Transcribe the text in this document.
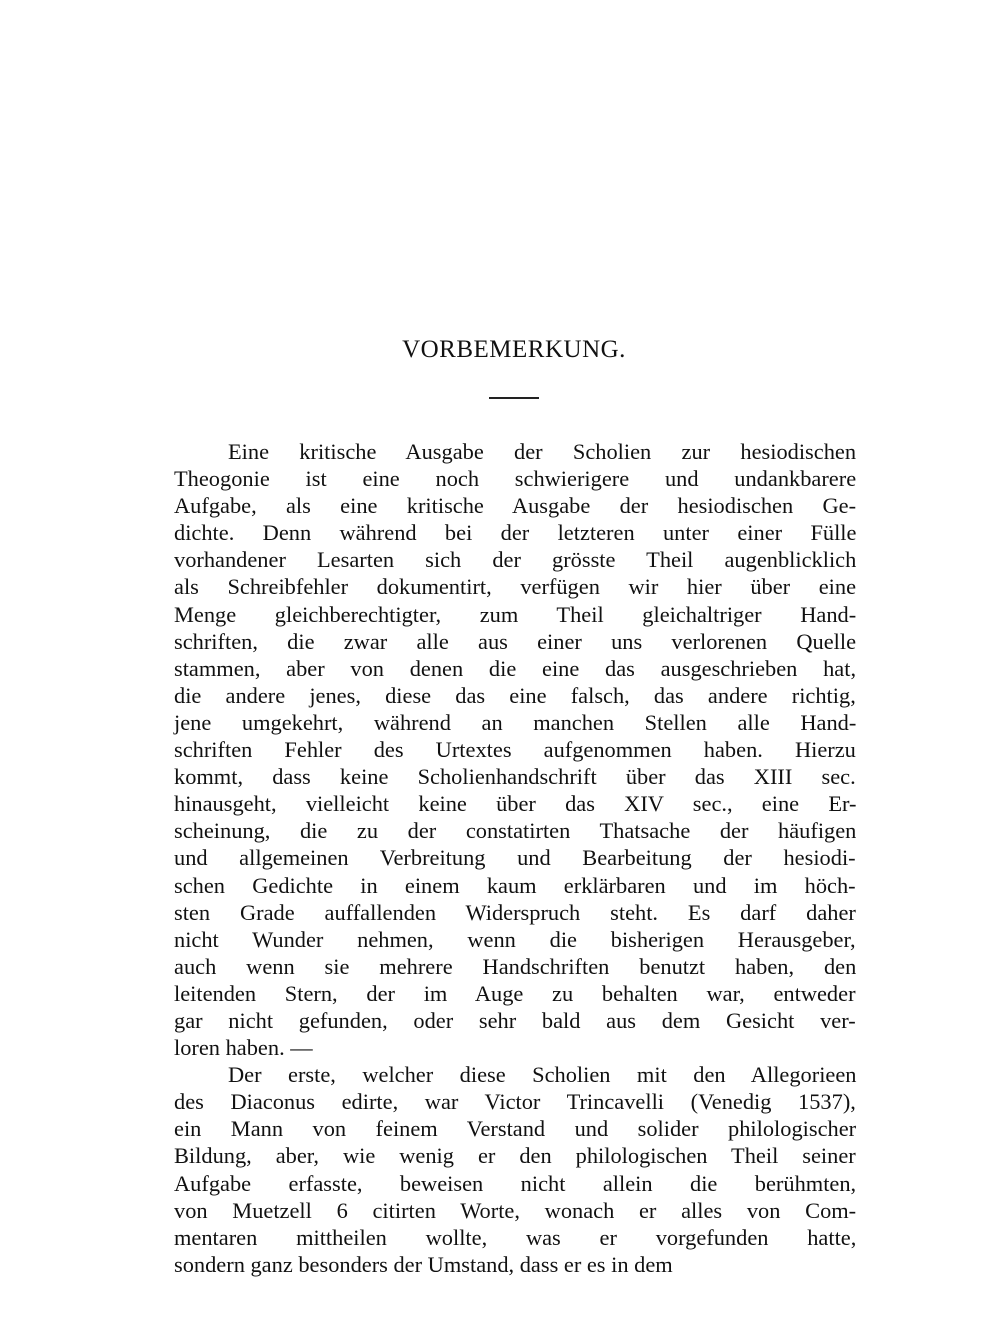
VORBEMERKUNG.
Eine kritische Ausgabe der Scholien zur hesiodischen
Theogonie ist eine noch schwierigere und undankbarere
Aufgabe, als eine kritische Ausgabe der hesiodischen Ge-
dichte. Denn während bei der letzteren unter einer Fülle
vorhandener Lesarten sich der grösste Theil augenblicklich
als Schreibfehler dokumentirt, verfügen wir hier über eine
Menge gleichberechtigter, zum Theil gleichaltriger Hand-
schriften, die zwar alle aus einer uns verlorenen Quelle
stammen, aber von denen die eine das ausgeschrieben hat,
die andere jenes, diese das eine falsch, das andere richtig,
jene umgekehrt, während an manchen Stellen alle Hand-
schriften Fehler des Urtextes aufgenommen haben. Hierzu
kommt, dass keine Scholienhandschrift über das XIII sec.
hinausgeht, vielleicht keine über das XIV sec., eine Er-
scheinung, die zu der constatirten Thatsache der häufigen
und allgemeinen Verbreitung und Bearbeitung der hesiodi-
schen Gedichte in einem kaum erklärbaren und im höch-
sten Grade auffallenden Widerspruch steht. Es darf daher
nicht Wunder nehmen, wenn die bisherigen Herausgeber,
auch wenn sie mehrere Handschriften benutzt haben, den
leitenden Stern, der im Auge zu behalten war, entweder
gar nicht gefunden, oder sehr bald aus dem Gesicht ver-
loren haben. —
Der erste, welcher diese Scholien mit den Allegorieen
des Diaconus edirte, war Victor Trincavelli (Venedig 1537),
ein Mann von feinem Verstand und solider philologischer
Bildung, aber, wie wenig er den philologischen Theil seiner
Aufgabe erfasste, beweisen nicht allein die berühmten,
von Muetzell 6 citirten Worte, wonach er alles von Com-
mentaren mittheilen wollte, was er vorgefunden hatte,
sondern ganz besonders der Umstand, dass er es in dem
